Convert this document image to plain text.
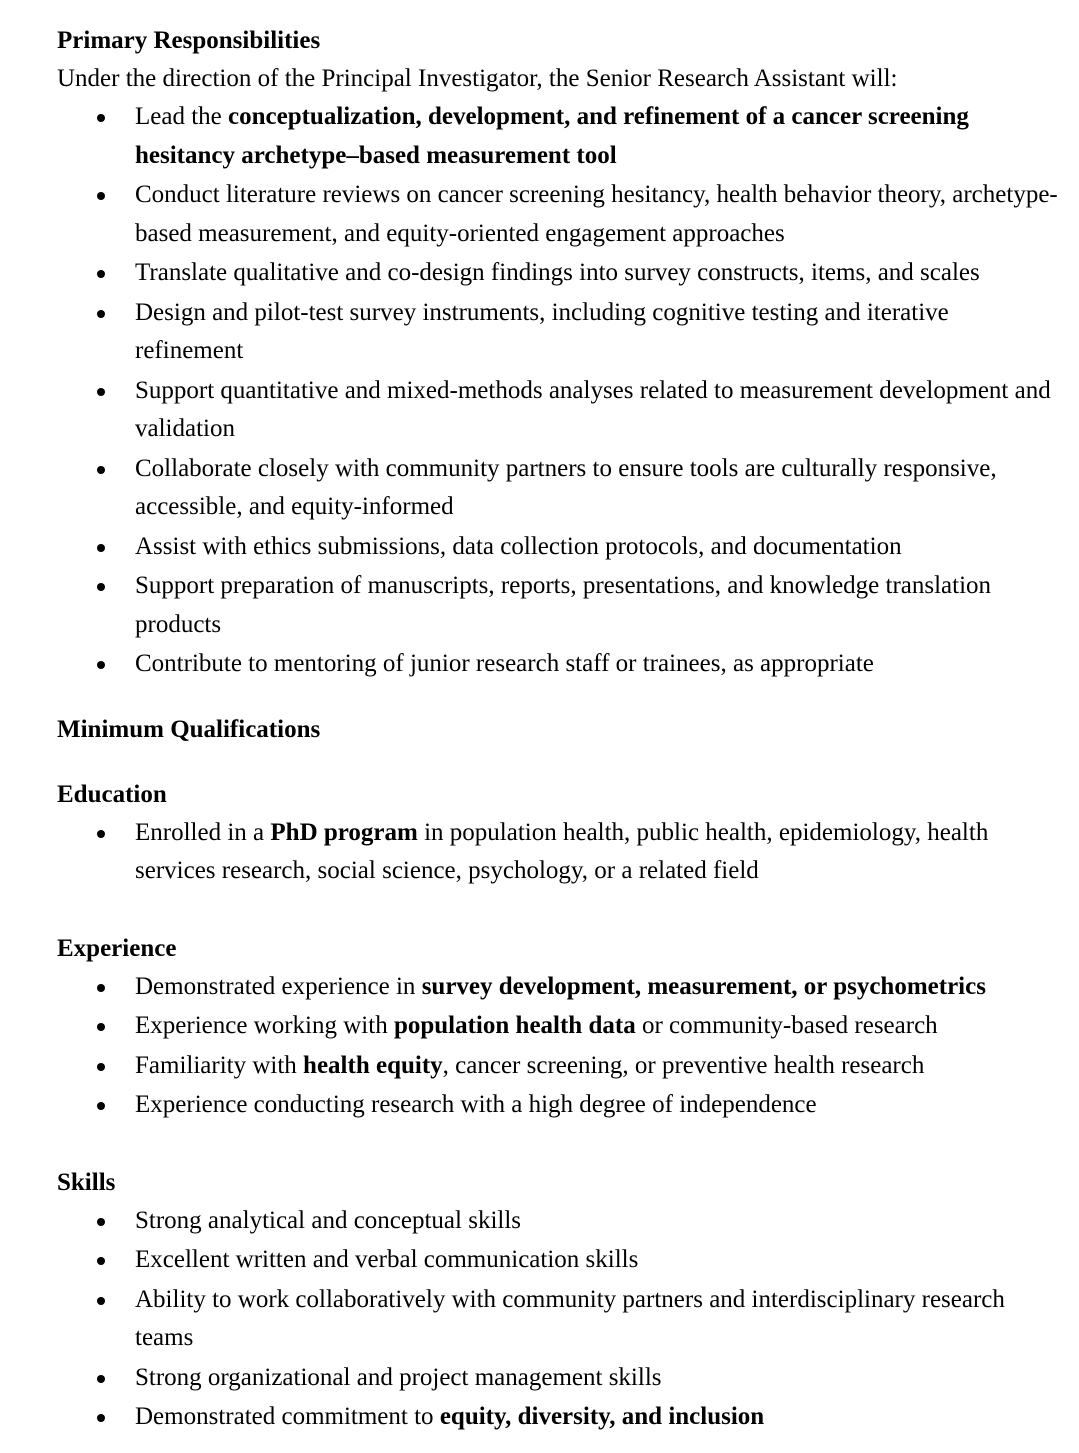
Primary Responsibilities

Under the direction of the Principal Investigator, the Senior Research Assistant will:

Lead the conceptualization, development, and refinement of a cancer screening hesitancy archetype–based measurement tool
Conduct literature reviews on cancer screening hesitancy, health behavior theory, archetype-based measurement, and equity-oriented engagement approaches
Translate qualitative and co-design findings into survey constructs, items, and scales
Design and pilot-test survey instruments, including cognitive testing and iterative refinement
Support quantitative and mixed-methods analyses related to measurement development and validation
Collaborate closely with community partners to ensure tools are culturally responsive, accessible, and equity-informed
Assist with ethics submissions, data collection protocols, and documentation
Support preparation of manuscripts, reports, presentations, and knowledge translation products
Contribute to mentoring of junior research staff or trainees, as appropriate

Minimum Qualifications

Education

Enrolled in a PhD program in population health, public health, epidemiology, health services research, social science, psychology, or a related field

Experience

Demonstrated experience in survey development, measurement, or psychometrics
Experience working with population health data or community-based research
Familiarity with health equity, cancer screening, or preventive health research
Experience conducting research with a high degree of independence

Skills

Strong analytical and conceptual skills
Excellent written and verbal communication skills
Ability to work collaboratively with community partners and interdisciplinary research teams
Strong organizational and project management skills
Demonstrated commitment to equity, diversity, and inclusion
